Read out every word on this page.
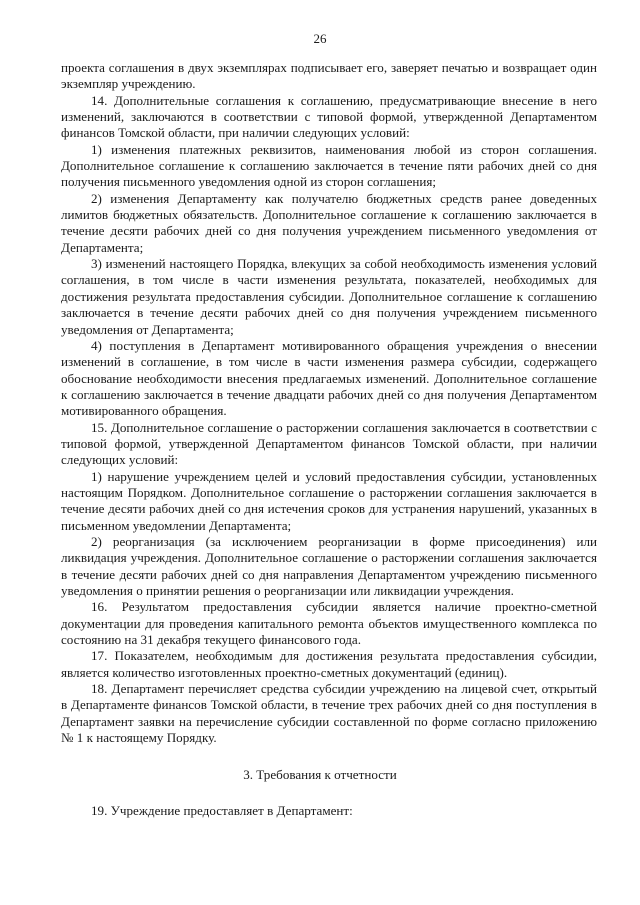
26

проекта соглашения в двух экземплярах подписывает его, заверяет печатью и возвращает один экземпляр учреждению.

14. Дополнительные соглашения к соглашению, предусматривающие внесение в него изменений, заключаются в соответствии с типовой формой, утвержденной Департаментом финансов Томской области, при наличии следующих условий:

1) изменения платежных реквизитов, наименования любой из сторон соглашения. Дополнительное соглашение к соглашению заключается в течение пяти рабочих дней со дня получения письменного уведомления одной из сторон соглашения;

2) изменения Департаменту как получателю бюджетных средств ранее доведенных лимитов бюджетных обязательств. Дополнительное соглашение к соглашению заключается в течение десяти рабочих дней со дня получения учреждением письменного уведомления от Департамента;

3) изменений настоящего Порядка, влекущих за собой необходимость изменения условий соглашения, в том числе в части изменения результата, показателей, необходимых для достижения результата предоставления субсидии. Дополнительное соглашение к соглашению заключается в течение десяти рабочих дней со дня получения учреждением письменного уведомления от Департамента;

4) поступления в Департамент мотивированного обращения учреждения о внесении изменений в соглашение, в том числе в части изменения размера субсидии, содержащего обоснование необходимости внесения предлагаемых изменений. Дополнительное соглашение к соглашению заключается в течение двадцати рабочих дней со дня получения Департаментом мотивированного обращения.

15. Дополнительное соглашение о расторжении соглашения заключается в соответствии с типовой формой, утвержденной Департаментом финансов Томской области, при наличии следующих условий:

1) нарушение учреждением целей и условий предоставления субсидии, установленных настоящим Порядком. Дополнительное соглашение о расторжении соглашения заключается в течение десяти рабочих дней со дня истечения сроков для устранения нарушений, указанных в письменном уведомлении Департамента;

2) реорганизация (за исключением реорганизации в форме присоединения) или ликвидация учреждения. Дополнительное соглашение о расторжении соглашения заключается в течение десяти рабочих дней со дня направления Департаментом учреждению письменного уведомления о принятии решения о реорганизации или ликвидации учреждения.

16. Результатом предоставления субсидии является наличие проектно-сметной документации для проведения капитального ремонта объектов имущественного комплекса по состоянию на 31 декабря текущего финансового года.

17. Показателем, необходимым для достижения результата предоставления субсидии, является количество изготовленных проектно-сметных документаций (единиц).

18. Департамент перечисляет средства субсидии учреждению на лицевой счет, открытый в Департаменте финансов Томской области, в течение трех рабочих дней со дня поступления в Департамент заявки на перечисление субсидии составленной по форме согласно приложению № 1 к настоящему Порядку.

3. Требования к отчетности

19. Учреждение предоставляет в Департамент:
